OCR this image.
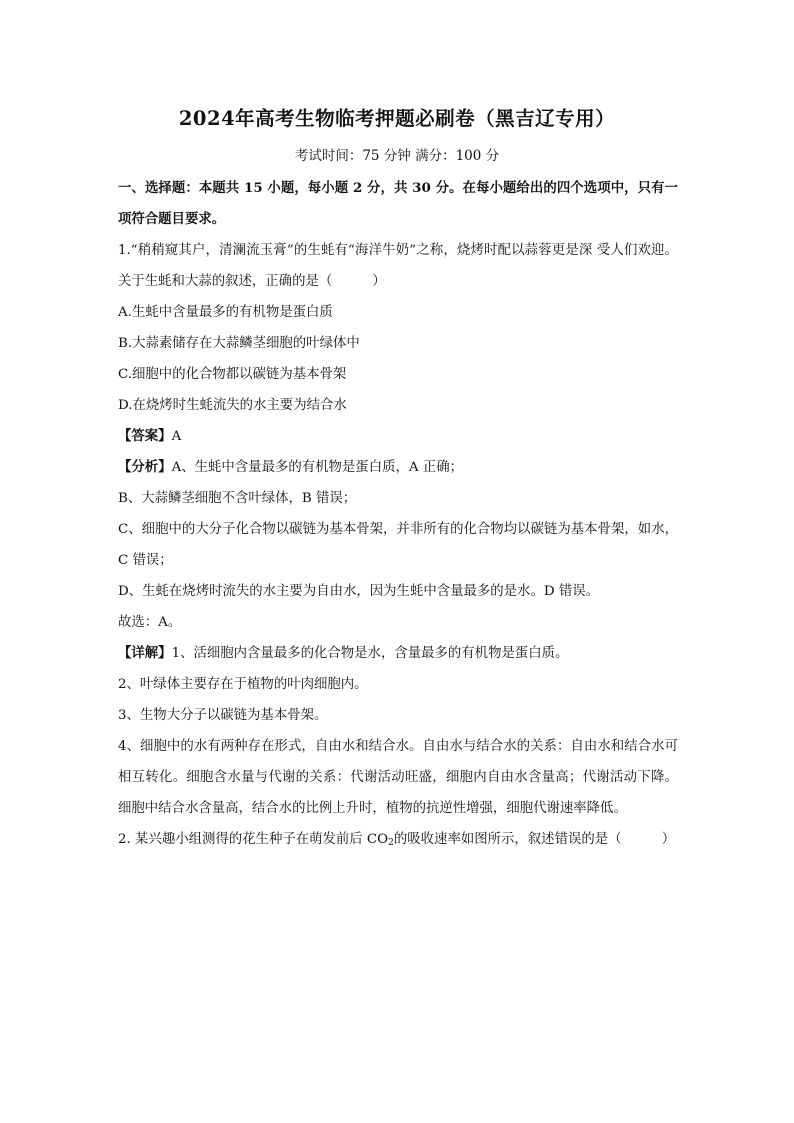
2024年高考生物临考押题必刷卷（黑吉辽专用）
考试时间：75 分钟 满分：100 分

一、选择题：本题共 15 小题，每小题 2 分，共 30 分。在每小题给出的四个选项中，只有一项符合题目要求。

1.“稍稍窥其户，清澜流玉膏”的生蚝有“海洋牛奶”之称，烧烤时配以蒜蓉更是深 受人们欢迎。关于生蚝和大蒜的叙述，正确的是（　　　）

A.生蚝中含量最多的有机物是蛋白质

B.大蒜素储存在大蒜鳞茎细胞的叶绿体中

C.细胞中的化合物都以碳链为基本骨架

D.在烧烤时生蚝流失的水主要为结合水

【答案】A

【分析】A、生蚝中含量最多的有机物是蛋白质，A 正确；

B、大蒜鳞茎细胞不含叶绿体，B 错误；

C、细胞中的大分子化合物以碳链为基本骨架，并非所有的化合物均以碳链为基本骨架，如水，C 错误；

D、生蚝在烧烤时流失的水主要为自由水，因为生蚝中含量最多的是水。D 错误。

故选：A。

【详解】1、活细胞内含量最多的化合物是水，含量最多的有机物是蛋白质。

2、叶绿体主要存在于植物的叶肉细胞内。

3、生物大分子以碳链为基本骨架。

4、细胞中的水有两种存在形式，自由水和结合水。自由水与结合水的关系：自由水和结合水可相互转化。细胞含水量与代谢的关系：代谢活动旺盛，细胞内自由水含量高；代谢活动下降。细胞中结合水含量高，结合水的比例上升时，植物的抗逆性增强，细胞代谢速率降低。

2. 某兴趣小组测得的花生种子在萌发前后 $CO_2$的吸收速率如图所示，叙述错误的是（　　　）
